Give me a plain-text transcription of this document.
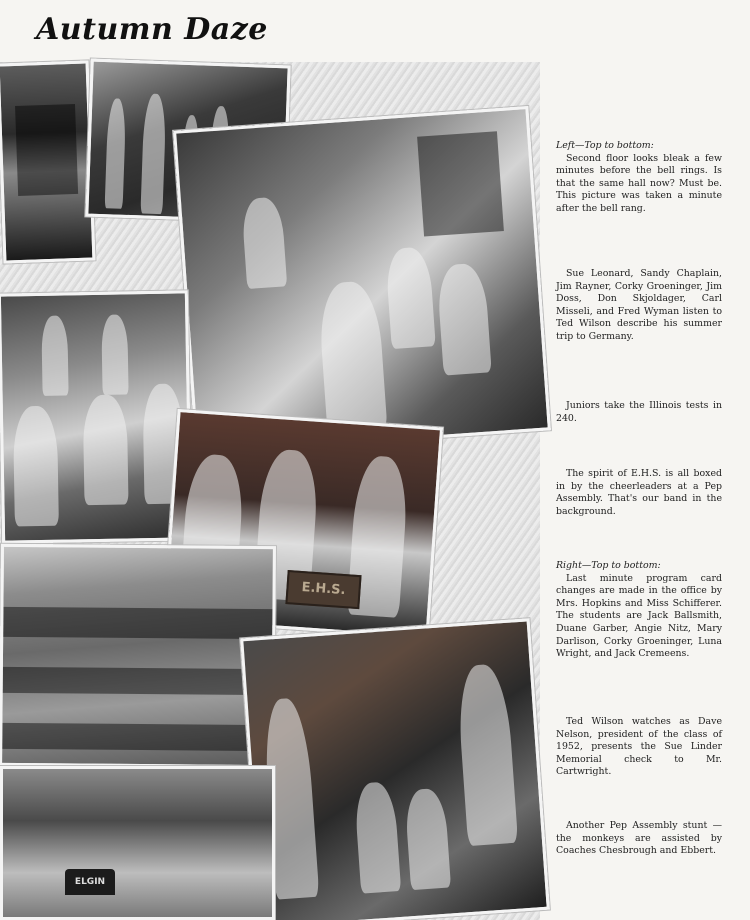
Autumn Daze
E.H.S.
ELGIN

Left—Top to bottom:
Second floor looks bleak a few minutes before the bell rings. Is that the same hall now? Must be. This picture was taken a minute after the bell rang.

Sue Leonard, Sandy Chaplain, Jim Rayner, Corky Groeninger, Jim Doss, Don Skjoldager, Carl Misseli, and Fred Wyman listen to Ted Wilson describe his summer trip to Germany.

Juniors take the Illinois tests in 240.

The spirit of E.H.S. is all boxed in by the cheerleaders at a Pep Assembly. That's our band in the background.

Right—Top to bottom:
Last minute program card changes are made in the office by Mrs. Hopkins and Miss Schifferer. The students are Jack Ballsmith, Duane Garber, Angie Nitz, Mary Darlison, Corky Groeninger, Luna Wright, and Jack Cremeens.

Ted Wilson watches as Dave Nelson, president of the class of 1952, presents the Sue Linder Memorial check to Mr. Cartwright.

Another Pep Assembly stunt — the monkeys are assisted by Coaches Chesbrough and Ebbert.
